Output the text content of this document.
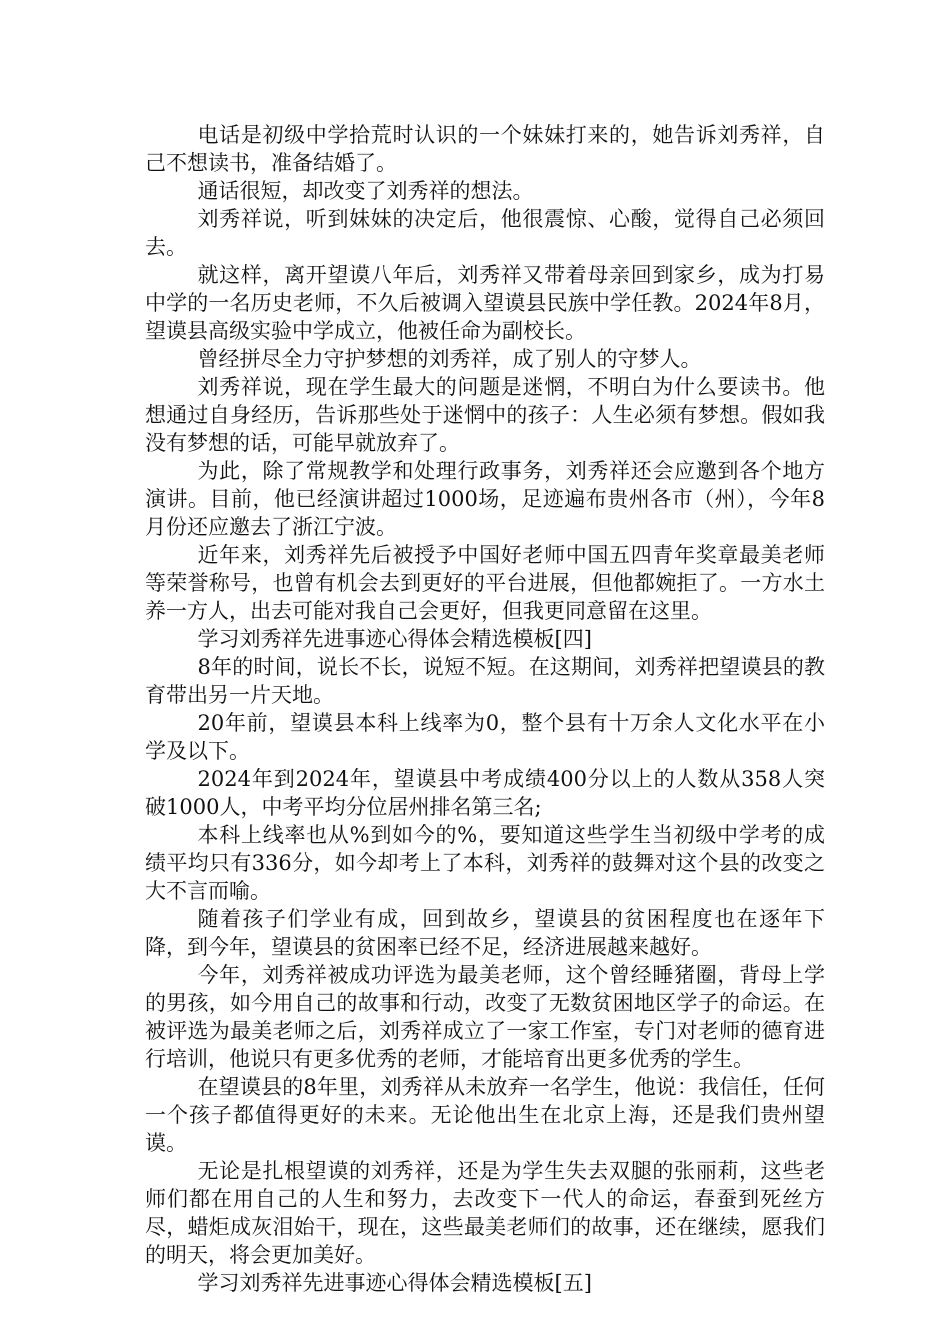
电话是初级中学拾荒时认识的一个妹妹打来的，她告诉刘秀祥，自己不想读书，准备结婚了。

通话很短，却改变了刘秀祥的想法。

刘秀祥说，听到妹妹的决定后，他很震惊、心酸，觉得自己必须回去。

就这样，离开望谟八年后，刘秀祥又带着母亲回到家乡，成为打易中学的一名历史老师，不久后被调入望谟县民族中学任教。2024年8月，望谟县高级实验中学成立，他被任命为副校长。

曾经拼尽全力守护梦想的刘秀祥，成了别人的守梦人。

刘秀祥说，现在学生最大的问题是迷惘，不明白为什么要读书。他想通过自身经历，告诉那些处于迷惘中的孩子：人生必须有梦想。假如我没有梦想的话，可能早就放弃了。

为此，除了常规教学和处理行政事务，刘秀祥还会应邀到各个地方演讲。目前，他已经演讲超过1000场，足迹遍布贵州各市（州），今年8月份还应邀去了浙江宁波。

近年来，刘秀祥先后被授予中国好老师中国五四青年奖章最美老师等荣誉称号，也曾有机会去到更好的平台进展，但他都婉拒了。一方水土养一方人，出去可能对我自己会更好，但我更同意留在这里。

学习刘秀祥先进事迹心得体会精选模板[四]

8年的时间，说长不长，说短不短。在这期间，刘秀祥把望谟县的教育带出另一片天地。

20年前，望谟县本科上线率为0，整个县有十万余人文化水平在小学及以下。

2024年到2024年，望谟县中考成绩400分以上的人数从358人突破1000人，中考平均分位居州排名第三名;

本科上线率也从%到如今的%，要知道这些学生当初级中学考的成绩平均只有336分，如今却考上了本科，刘秀祥的鼓舞对这个县的改变之大不言而喻。

随着孩子们学业有成，回到故乡，望谟县的贫困程度也在逐年下降，到今年，望谟县的贫困率已经不足，经济进展越来越好。

今年，刘秀祥被成功评选为最美老师，这个曾经睡猪圈，背母上学的男孩，如今用自己的故事和行动，改变了无数贫困地区学子的命运。在被评选为最美老师之后，刘秀祥成立了一家工作室，专门对老师的德育进行培训，他说只有更多优秀的老师，才能培育出更多优秀的学生。

在望谟县的8年里，刘秀祥从未放弃一名学生，他说：我信任，任何一个孩子都值得更好的未来。无论他出生在北京上海，还是我们贵州望谟。

无论是扎根望谟的刘秀祥，还是为学生失去双腿的张丽莉，这些老师们都在用自己的人生和努力，去改变下一代人的命运，春蚕到死丝方尽，蜡炬成灰泪始干，现在，这些最美老师们的故事，还在继续，愿我们的明天，将会更加美好。

学习刘秀祥先进事迹心得体会精选模板[五]
